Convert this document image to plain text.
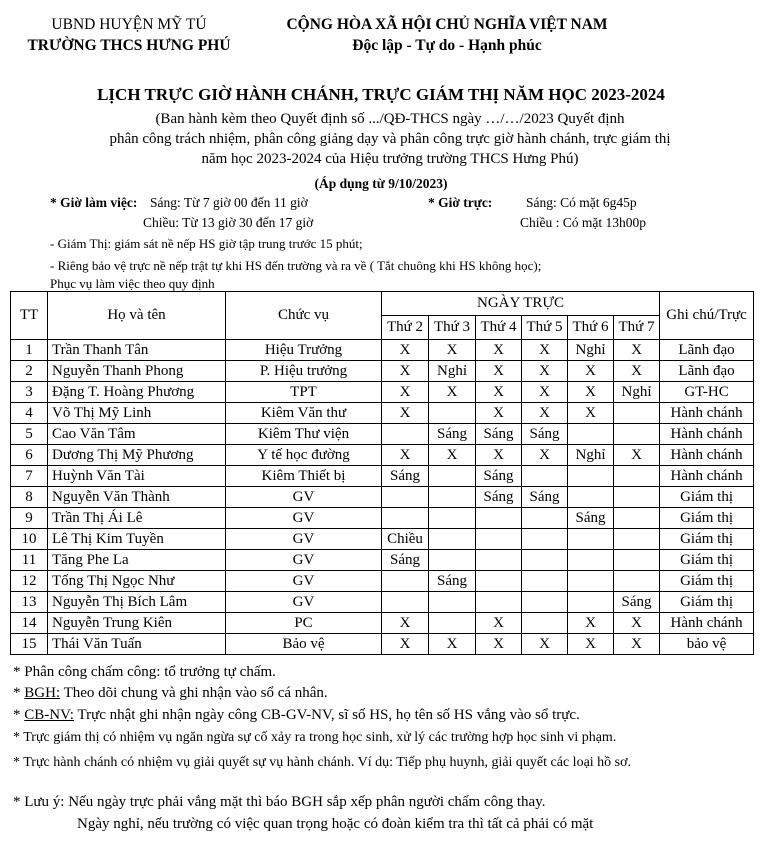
UBND HUYỆN MỸ TÚ
TRƯỜNG THCS HƯNG PHÚ
CỘNG HÒA XÃ HỘI CHỦ NGHĨA VIỆT NAM
Độc lập - Tự do - Hạnh phúc
LỊCH TRỰC GIỜ HÀNH CHÁNH, TRỰC GIÁM THỊ NĂM HỌC 2023-2024
(Ban hành kèm theo Quyết định số .../QĐ-THCS ngày …/…/2023 Quyết định
phân công trách nhiệm, phân công giảng dạy và phân công trực giờ hành chánh, trực giám thị
năm học 2023-2024 của Hiệu trưởng trường THCS Hưng Phú)
(Áp dụng từ 9/10/2023)
* Giờ làm việc: Sáng: Từ 7 giờ 00 đến 11 giờ
Chiều: Từ 13 giờ 30 đến 17 giờ
* Giờ trực: Sáng: Có mặt 6g45p
Chiều : Có mặt 13h00p
- Giám Thị: giám sát nề nếp HS giờ tập trung trước 15 phút;
- Riêng bảo vệ trực nề nếp trật tự khi HS đến trường và ra về ( Tắt chuông khi HS không học);
Phục vụ làm việc theo quy định
TT	Họ và tên	Chức vụ	NGÀY TRỰC						Ghi chú/Trực
			Thứ 2	Thứ 3	Thứ 4	Thứ 5	Thứ 6	Thứ 7	
1	Trần Thanh Tân	Hiệu Trưởng	X	X	X	X	Nghỉ	X	Lãnh đạo
2	Nguyễn Thanh Phong	P. Hiệu trưởng	X	Nghỉ	X	X	X	X	Lãnh đạo
3	Đặng T. Hoàng Phương	TPT	X	X	X	X	X	Nghỉ	GT-HC
4	Võ Thị Mỹ Linh	Kiêm Văn thư	X		X	X	X		Hành chánh
5	Cao Văn Tâm	Kiêm Thư viện		Sáng	Sáng	Sáng			Hành chánh
6	Dương Thị Mỹ Phương	Y tế học đường	X	X	X	X	Nghỉ	X	Hành chánh
7	Huỳnh Văn Tài	Kiêm Thiết bị	Sáng		Sáng				Hành chánh
8	Nguyễn Văn Thành	GV			Sáng	Sáng			Giám thị
9	Trần Thị Ái Lê	GV					Sáng		Giám thị
10	Lê Thị Kim Tuyền	GV	Chiều						Giám thị
11	Tăng Phe La	GV	Sáng						Giám thị
12	Tống Thị Ngọc Như	GV		Sáng					Giám thị
13	Nguyễn Thị Bích Lâm	GV						Sáng	Giám thị
14	Nguyễn Trung Kiên	PC	X		X		X	X	Hành chánh
15	Thái Văn Tuấn	Bảo vệ	X	X	X	X	X	X	bảo vệ
* Phân công chấm công: tổ trưởng tự chấm.
* BGH: Theo dõi chung và ghi nhận vào sổ cá nhân.
* CB-NV: Trực nhật ghi nhận ngày công CB-GV-NV, sĩ số HS, họ tên số HS vắng vào sổ trực.
* Trực giám thị có nhiệm vụ ngăn ngừa sự cố xảy ra trong học sinh, xử lý các trường hợp học sinh vi phạm.
* Trực hành chánh có nhiệm vụ giải quyết sự vụ hành chánh. Ví dụ: Tiếp phụ huynh, giải quyết các loại hồ sơ.
* Lưu ý: Nếu ngày trực phải vắng mặt thì báo BGH sắp xếp phân người chấm công thay.
Ngày nghỉ, nếu trường có việc quan trọng hoặc có đoàn kiểm tra thì tất cả phải có mặt
